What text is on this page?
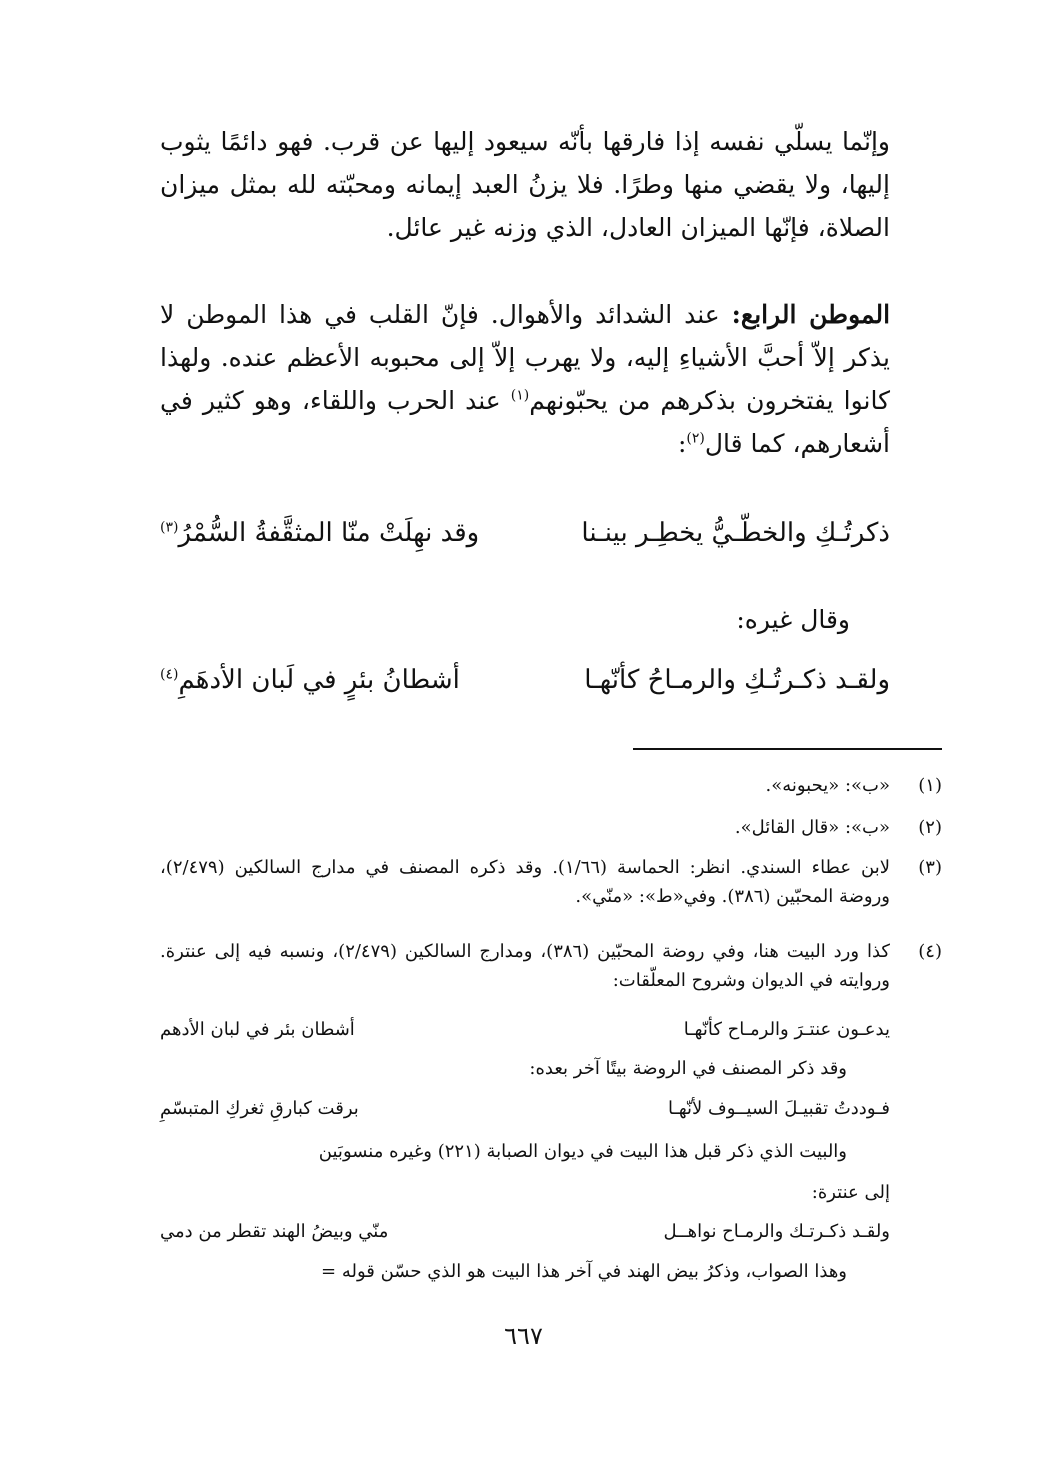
وإنّما يسلّي نفسه إذا فارقها بأنّه سيعود إليها عن قرب. فهو دائمًا يثوب إليها، ولا يقضي منها وطرًا. فلا يزنُ العبد إيمانه ومحبّته لله بمثل ميزان الصلاة، فإنّها الميزان العادل، الذي وزنه غير عائل.

الموطن الرابع: عند الشدائد والأهوال. فإنّ القلب في هذا الموطن لا يذكر إلاّ أحبَّ الأشياءِ إليه، ولا يهرب إلاّ إلى محبوبه الأعظم عنده. ولهذا كانوا يفتخرون بذكرهم من يحبّونهم$^{(١)}$ عند الحرب واللقاء، وهو كثير في أشعارهم، كما قال$^{(٢)}$:

ذكرتُـكِ والخطّـيُّ يخطِـر بينـنا
وقد نهِلَتْ منّا المثقَّفةُ السُّمْرُ$^{(٣)}$
وقال غيره:
ولقـد ذكـرتُـكِ والرمـاحُ كأنّهـا
أشطانُ بئرٍ في لَبان الأدهَمِ$^{(٤)}$
(١)
«ب»: «يحبونه».
(٢)
«ب»: «قال القائل».
(٣)
لابن عطاء السندي. انظر: الحماسة (١/٦٦). وقد ذكره المصنف في مدارج السالكين (٢/٤٧٩)، وروضة المحبّين (٣٨٦). وفي«ط»: «منّي».
(٤)
كذا ورد البيت هنا، وفي روضة المحبّين (٣٨٦)، ومدارج السالكين (٢/٤٧٩)، ونسبه فيه إلى عنترة. وروايته في الديوان وشروح المعلّقات:
يدعـون عنتـرَ والرمـاح كأنّهـا
أشطان بئر في لبان الأدهم
وقد ذكر المصنف في الروضة بيتًا آخر بعده:
فـوددتُ تقبيـلَ السيــوف لأنّهـا
برقت كبارقِ ثغركِ المتبسّمِ
والبيت الذي ذكر قبل هذا البيت في ديوان الصبابة (٢٢١) وغيره منسوبَين
إلى عنترة:
ولقـد ذكـرتـك والرمـاح نواهــل
منّي وبيضُ الهند تقطر من دمي
وهذا الصواب، وذكرُ بيض الهند في آخر هذا البيت هو الذي حسّن قوله =
٦٦٧
